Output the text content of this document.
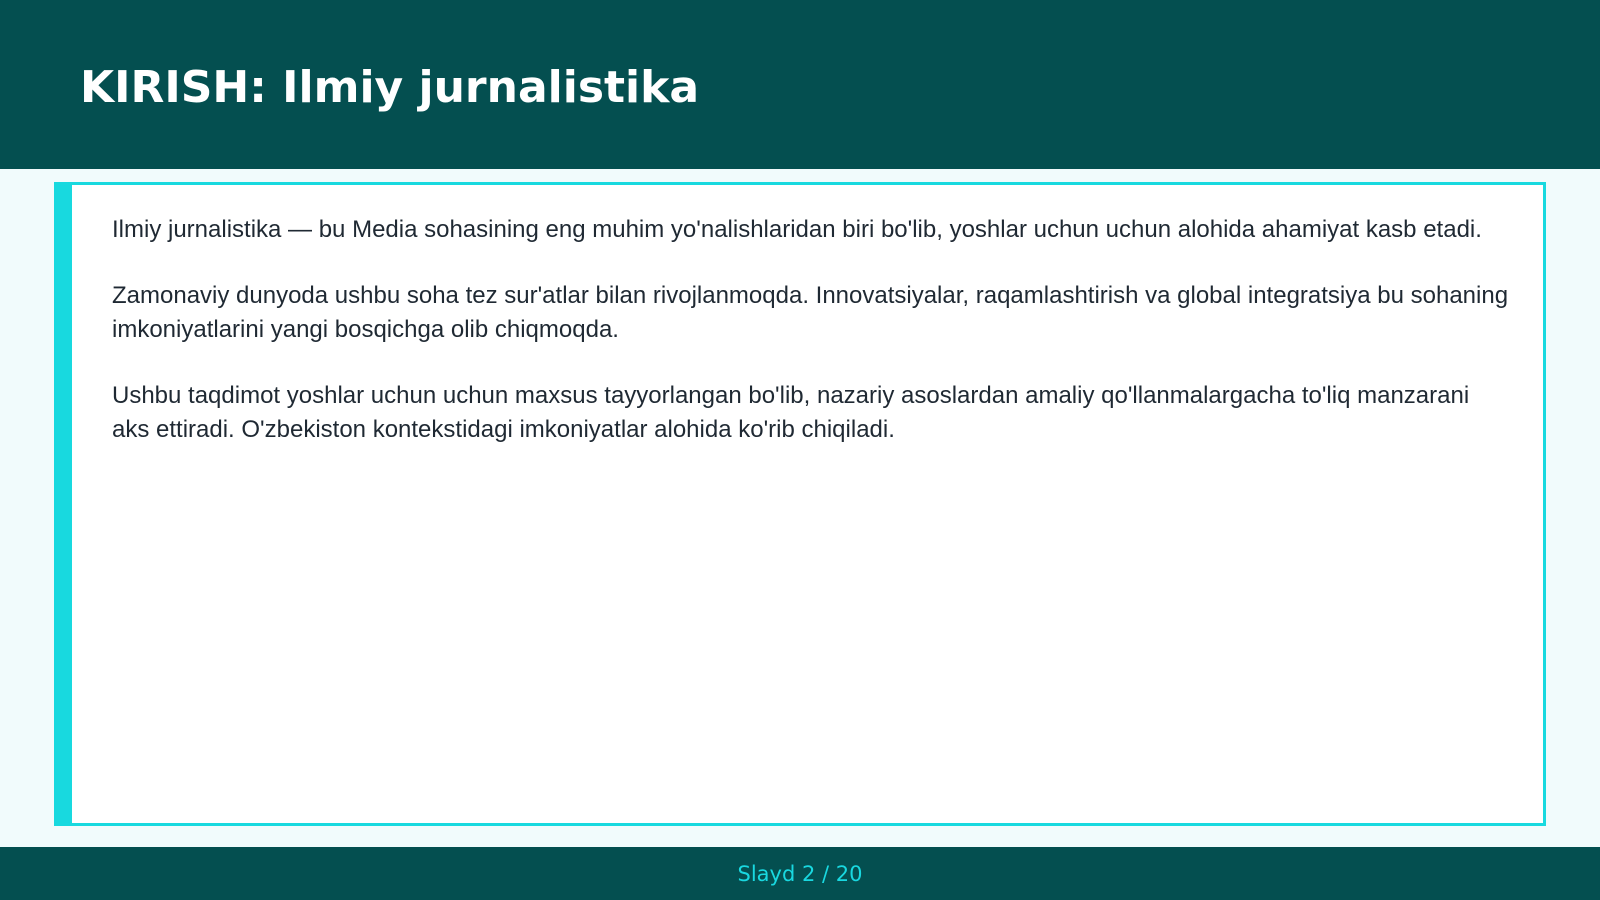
KIRISH: Ilmiy jurnalistika

Ilmiy jurnalistika — bu Media sohasining eng muhim yo'nalishlaridan biri bo'lib, yoshlar uchun uchun alohida ahamiyat kasb etadi.

Zamonaviy dunyoda ushbu soha tez sur'atlar bilan rivojlanmoqda. Innovatsiyalar, raqamlashtirish va global integratsiya bu sohaning imkoniyatlarini yangi bosqichga olib chiqmoqda.

Ushbu taqdimot yoshlar uchun uchun maxsus tayyorlangan bo'lib, nazariy asoslardan amaliy qo'llanmalargacha to'liq manzarani aks ettiradi. O'zbekiston kontekstidagi imkoniyatlar alohida ko'rib chiqiladi.

Slayd 2 / 20
